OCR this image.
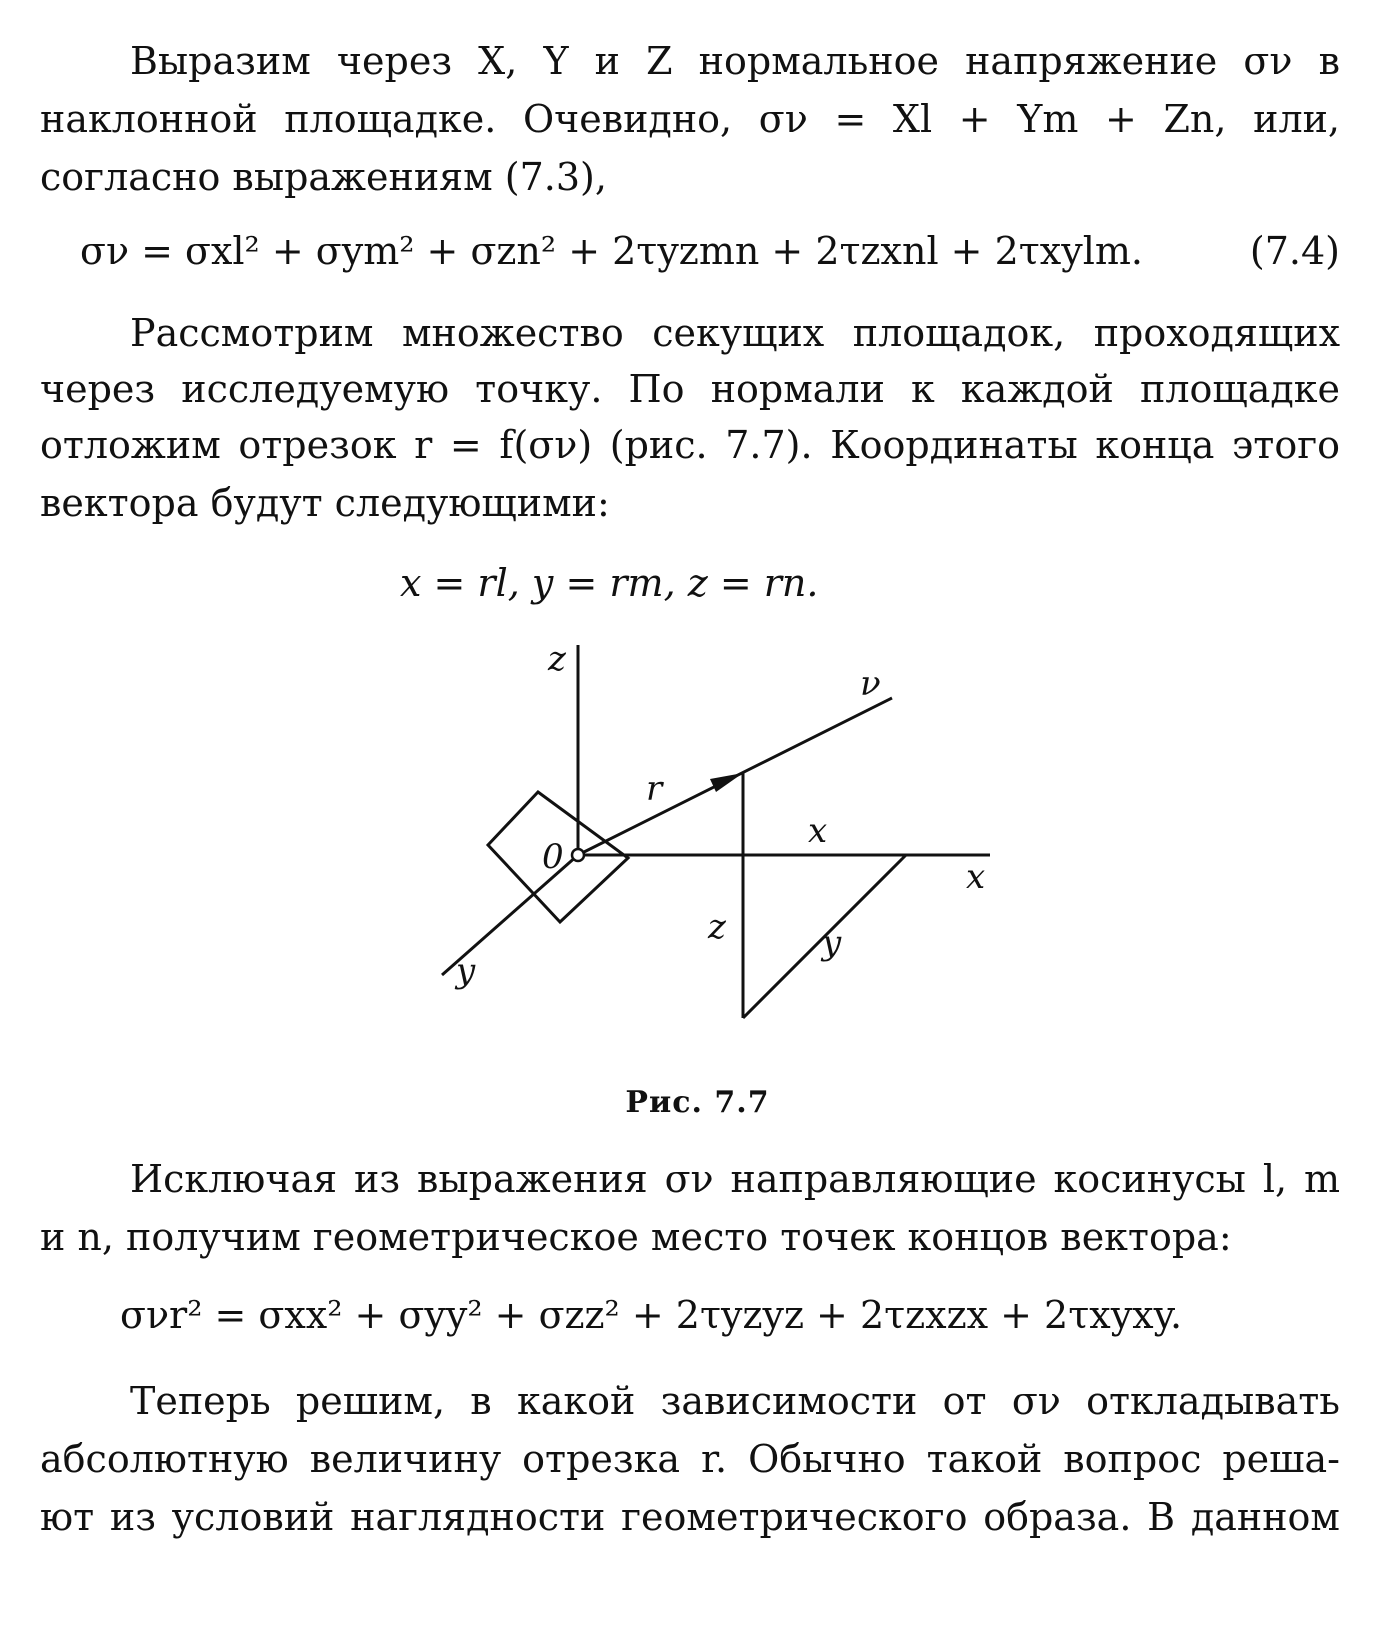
Выразим через X, Y и Z нормальное напряжение σν в
наклонной площадке. Очевидно, σν = Xl + Ym + Zn, или,
согласно выражениям (7.3),
σν = σxl² + σym² + σzn² + 2τyzmn + 2τzxnl + 2τxylm.	(7.4)
Рассмотрим множество секущих площадок, проходящих
через исследуемую точку. По нормали к каждой площадке
отложим отрезок r = f(σν) (рис. 7.7). Координаты конца этого
вектора будут следующими:
x = rl, y = rm, z = rn.
z
ν
r
0
x
x
z	y
y
Рис. 7.7
Исключая из выражения σν направляющие косинусы l, m
и n, получим геометрическое место точек концов вектора:
σνr² = σxx² + σyy² + σzz² + 2τyzyz + 2τzxzx + 2τxyxy.
Теперь решим, в какой зависимости от σν откладывать
абсолютную величину отрезка r. Обычно такой вопрос реша-
ют из условий наглядности геометрического образа. В данном
